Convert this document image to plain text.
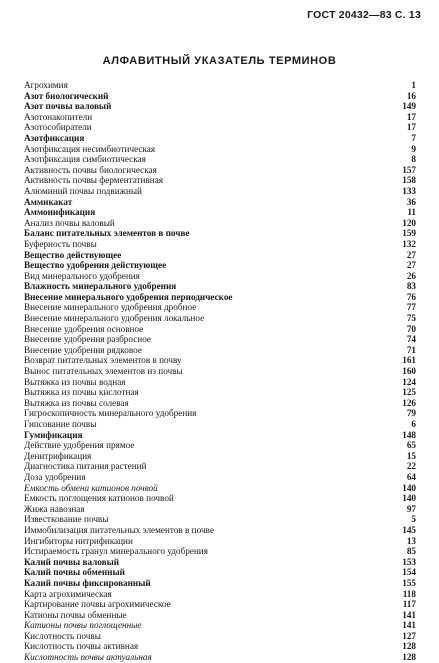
ГОСТ 20432—83 С. 13
АЛФАВИТНЫЙ УКАЗАТЕЛЬ ТЕРМИНОВ
Агрохимия	1
Азот биологический	16
Азот почвы валовый	149
Азотонакопители	17
Азотособиратели	17
Азотфиксация	7
Азотфиксация несимбиотическая	9
Азотфиксация симбиотическая	8
Активность почвы биологическая	157
Активность почвы ферментативная	158
Алюминий почвы подвижный	133
Аммикакат	36
Аммонификация	11
Анализ почвы валовый	120
Баланс питательных элементов в почве	159
Буферность почвы	132
Вещество действующее	27
Вещество удобрения действующее	27
Вид минерального удобрения	26
Влажность минерального удобрения	83
Внесение минерального удобрения периодическое	76
Внесение минерального удобрения дробное	77
Внесение минерального удобрения локальное	75
Внесение удобрения основное	70
Внесение удобрения разбросное	74
Внесение удобрения рядковое	71
Возврат питательных элементов в почву	161
Вынос питательных элементов из почвы	160
Вытяжка из почвы водная	124
Вытяжка из почвы кислотная	125
Вытяжка из почвы солевая	126
Гигроскопичность минерального удобрения	79
Гипсование почвы	6
Гумификация	148
Действие удобрения прямое	65
Денитрификация	15
Диагностика питания растений	22
Доза удобрения	64
Емкость обмена катионов почвой	140
Емкость поглощения катионов почвой	140
Жижа навозная	97
Известкование почвы	5
Иммобилизация питательных элементов в почве	145
Ингибиторы нитрификации	13
Истираемость гранул минерального удобрения	85
Калий почвы валовый	153
Калий почвы обменный	154
Калий почвы фиксированный	155
Карта агрохимическая	118
Картирование почвы агрохимическое	117
Катионы почвы обменные	141
Катионы почвы поглощенные	141
Кислотность почвы	127
Кислотность почвы активная	128
Кислотность почвы актуальная	128
